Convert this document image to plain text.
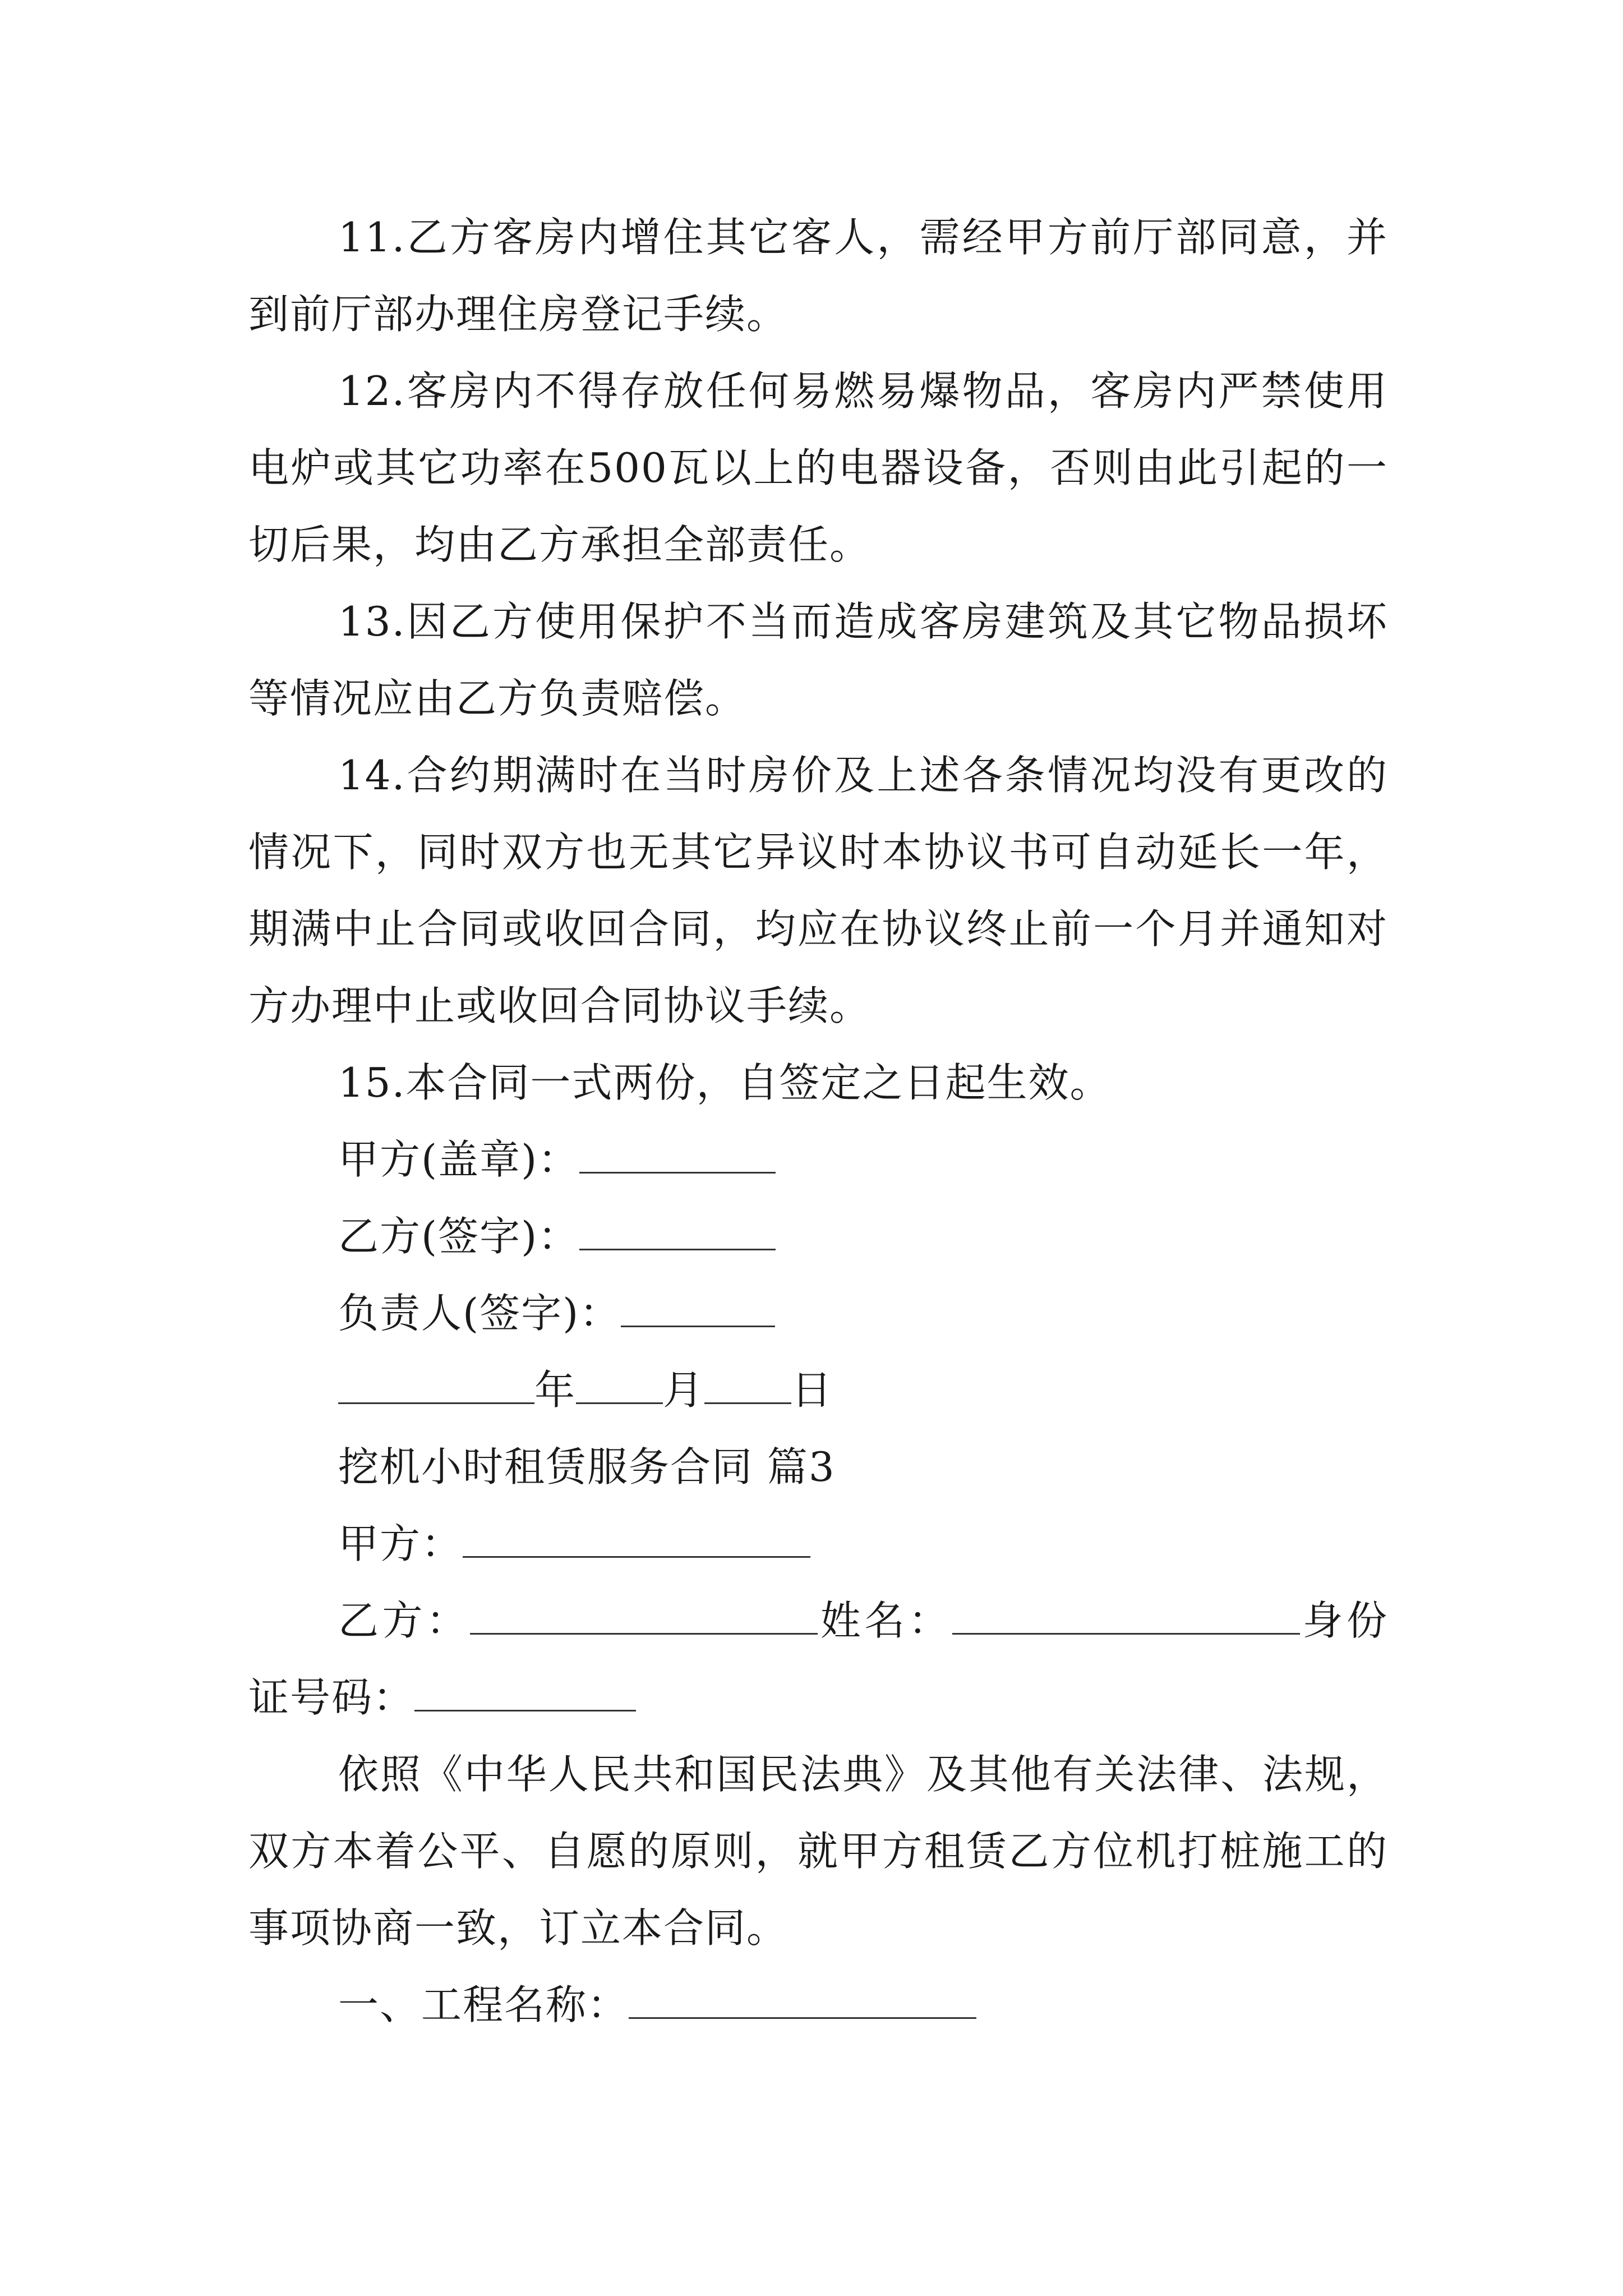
11.乙方客房内增住其它客人，需经甲方前厅部同意，并到前厅部办理住房登记手续。

12.客房内不得存放任何易燃易爆物品，客房内严禁使用电炉或其它功率在500瓦以上的电器设备，否则由此引起的一切后果，均由乙方承担全部责任。

13.因乙方使用保护不当而造成客房建筑及其它物品损坏等情况应由乙方负责赔偿。

14.合约期满时在当时房价及上述各条情况均没有更改的情况下，同时双方也无其它异议时本协议书可自动延长一年，期满中止合同或收回合同，均应在协议终止前一个月并通知对方办理中止或收回合同协议手续。

15.本合同一式两份，自签定之日起生效。

甲方(盖章)：

乙方(签字)：

负责人(签字)：

年 月 日

挖机小时租赁服务合同 篇3

甲方：

乙方：	姓名：	身份证号码：

依照《中华人民共和国民法典》及其他有关法律、法规，双方本着公平、自愿的原则，就甲方租赁乙方位机打桩施工的事项协商一致，订立本合同。

一、工程名称：
